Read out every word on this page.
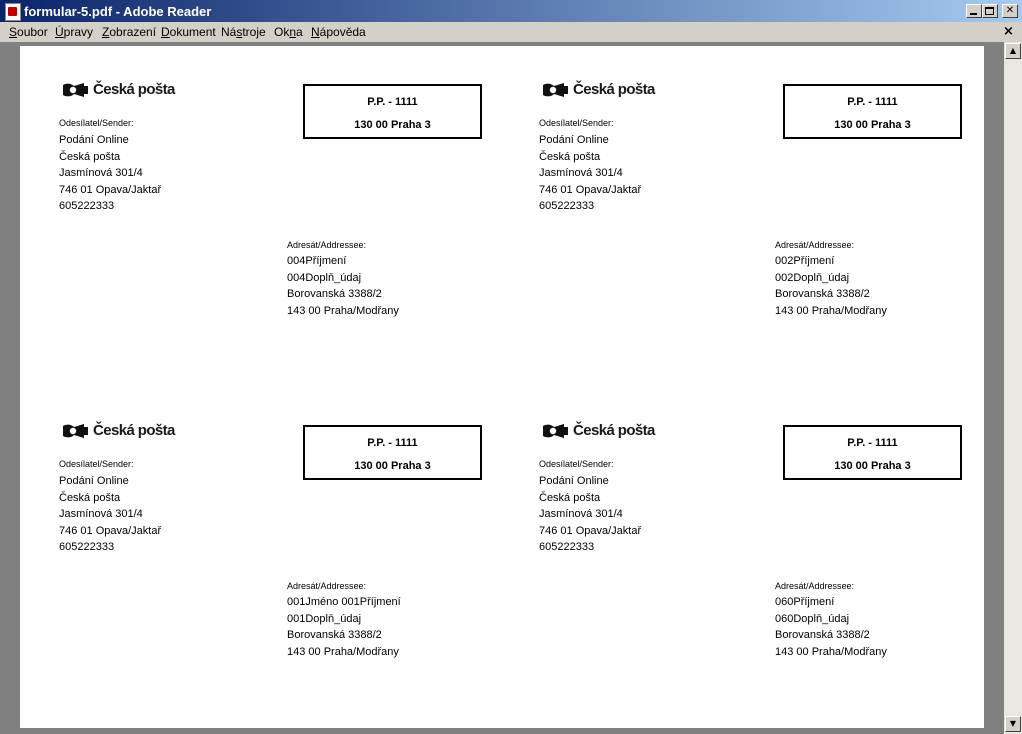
formular-5.pdf - Adobe Reader	✕
Soubor Úpravy Zobrazení Dokument Nástroje Okna Nápověda	×
Česká pošta
Odesílatel/Sender:
Podání Online
Česká pošta
Jasmínová 301/4
746 01 Opava/Jaktař
605222333
P.P. - 1111
130 00 Praha 3
Adresát/Addressee:
004Příjmení
004Doplň_údaj
Borovanská 3388/2
143 00 Praha/Modřany
Česká pošta
Odesílatel/Sender:
Podání Online
Česká pošta
Jasmínová 301/4
746 01 Opava/Jaktař
605222333
P.P. - 1111
130 00 Praha 3
Adresát/Addressee:
002Příjmení
002Doplň_údaj
Borovanská 3388/2
143 00 Praha/Modřany
Česká pošta
Odesílatel/Sender:
Podání Online
Česká pošta
Jasmínová 301/4
746 01 Opava/Jaktař
605222333
P.P. - 1111
130 00 Praha 3
Adresát/Addressee:
001Jméno 001Příjmení
001Doplň_údaj
Borovanská 3388/2
143 00 Praha/Modřany
Česká pošta
Odesílatel/Sender:
Podání Online
Česká pošta
Jasmínová 301/4
746 01 Opava/Jaktař
605222333
P.P. - 1111
130 00 Praha 3
Adresát/Addressee:
060Příjmení
060Doplň_údaj
Borovanská 3388/2
143 00 Praha/Modřany
▲
▼
